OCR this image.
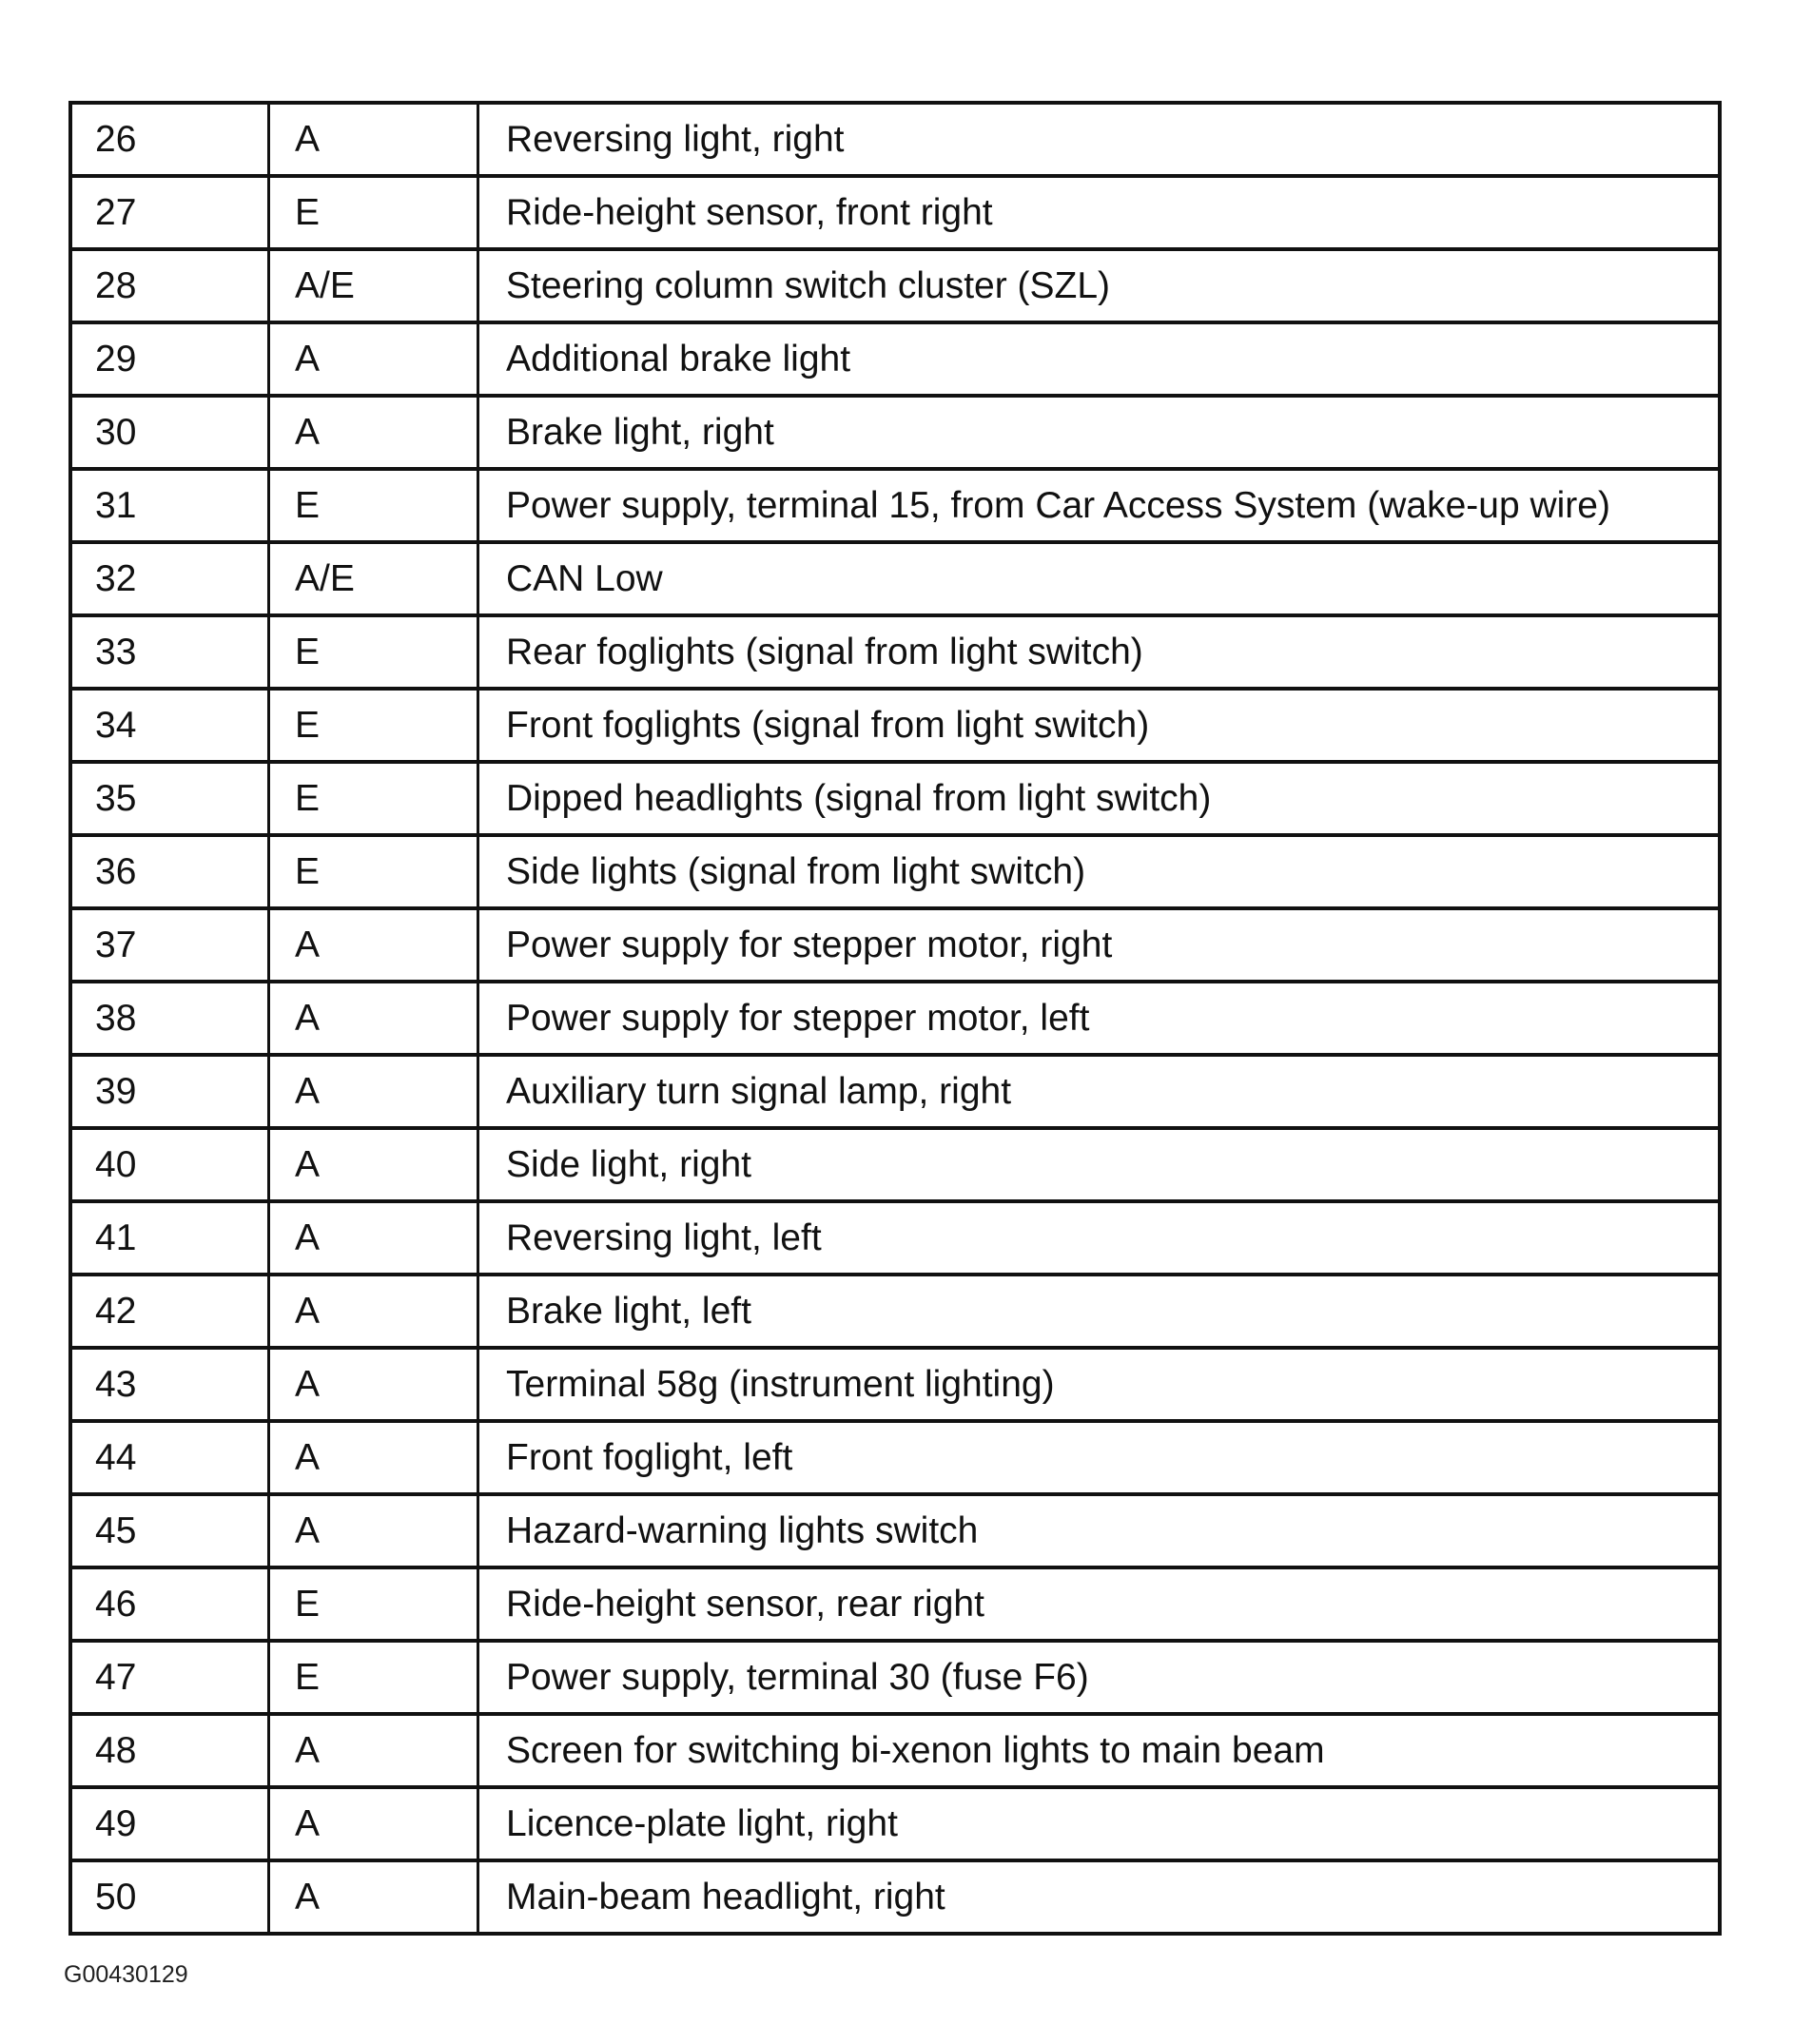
26	A	Reversing light, right
27	E	Ride-height sensor, front right
28	A/E	Steering column switch cluster (SZL)
29	A	Additional brake light
30	A	Brake light, right
31	E	Power supply, terminal 15, from Car Access System (wake-up wire)
32	A/E	CAN Low
33	E	Rear foglights (signal from light switch)
34	E	Front foglights (signal from light switch)
35	E	Dipped headlights (signal from light switch)
36	E	Side lights (signal from light switch)
37	A	Power supply for stepper motor, right
38	A	Power supply for stepper motor, left
39	A	Auxiliary turn signal lamp, right
40	A	Side light, right
41	A	Reversing light, left
42	A	Brake light, left
43	A	Terminal 58g (instrument lighting)
44	A	Front foglight, left
45	A	Hazard-warning lights switch
46	E	Ride-height sensor, rear right
47	E	Power supply, terminal 30 (fuse F6)
48	A	Screen for switching bi-xenon lights to main beam
49	A	Licence-plate light, right
50	A	Main-beam headlight, right
G00430129
